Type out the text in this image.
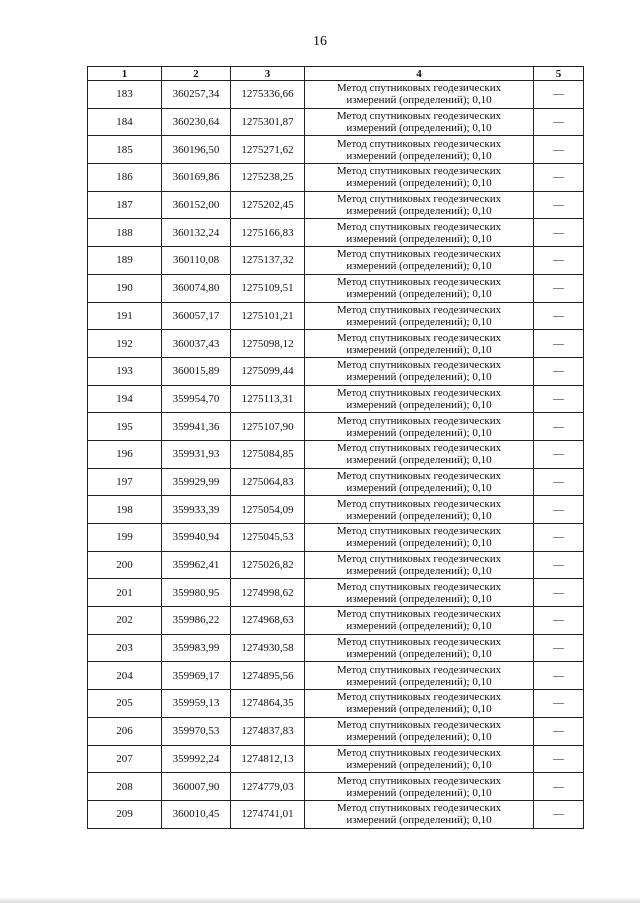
16
1	2	3	4	5
183	360257,34	1275336,66	Метод спутниковых геодезических
измерений (определений); 0,10	—
184	360230,64	1275301,87	Метод спутниковых геодезических
измерений (определений); 0,10	—
185	360196,50	1275271,62	Метод спутниковых геодезических
измерений (определений); 0,10	—
186	360169,86	1275238,25	Метод спутниковых геодезических
измерений (определений); 0,10	—
187	360152,00	1275202,45	Метод спутниковых геодезических
измерений (определений); 0,10	—
188	360132,24	1275166,83	Метод спутниковых геодезических
измерений (определений); 0,10	—
189	360110,08	1275137,32	Метод спутниковых геодезических
измерений (определений); 0,10	—
190	360074,80	1275109,51	Метод спутниковых геодезических
измерений (определений); 0,10	—
191	360057,17	1275101,21	Метод спутниковых геодезических
измерений (определений); 0,10	—
192	360037,43	1275098,12	Метод спутниковых геодезических
измерений (определений); 0,10	—
193	360015,89	1275099,44	Метод спутниковых геодезических
измерений (определений); 0,10	—
194	359954,70	1275113,31	Метод спутниковых геодезических
измерений (определений); 0,10	—
195	359941,36	1275107,90	Метод спутниковых геодезических
измерений (определений); 0,10	—
196	359931,93	1275084,85	Метод спутниковых геодезических
измерений (определений); 0,10	—
197	359929,99	1275064,83	Метод спутниковых геодезических
измерений (определений); 0,10	—
198	359933,39	1275054,09	Метод спутниковых геодезических
измерений (определений); 0,10	—
199	359940,94	1275045,53	Метод спутниковых геодезических
измерений (определений); 0,10	—
200	359962,41	1275026,82	Метод спутниковых геодезических
измерений (определений); 0,10	—
201	359980,95	1274998,62	Метод спутниковых геодезических
измерений (определений); 0,10	—
202	359986,22	1274968,63	Метод спутниковых геодезических
измерений (определений); 0,10	—
203	359983,99	1274930,58	Метод спутниковых геодезических
измерений (определений); 0,10	—
204	359969,17	1274895,56	Метод спутниковых геодезических
измерений (определений); 0,10	—
205	359959,13	1274864,35	Метод спутниковых геодезических
измерений (определений); 0,10	—
206	359970,53	1274837,83	Метод спутниковых геодезических
измерений (определений); 0,10	—
207	359992,24	1274812,13	Метод спутниковых геодезических
измерений (определений); 0,10	—
208	360007,90	1274779,03	Метод спутниковых геодезических
измерений (определений); 0,10	—
209	360010,45	1274741,01	Метод спутниковых геодезических
измерений (определений); 0,10	—
